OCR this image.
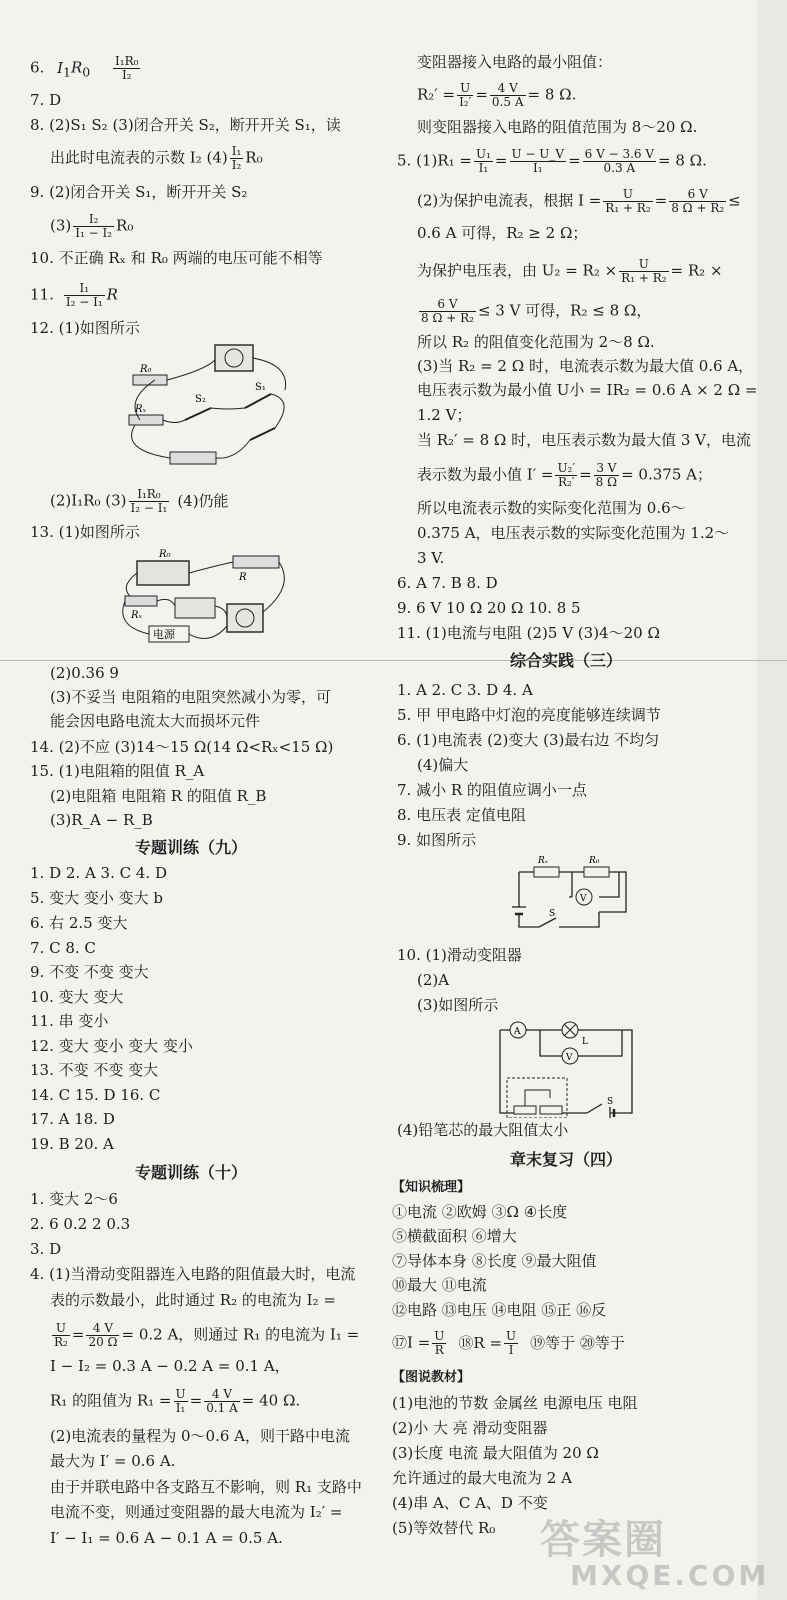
6. $I_1R_0 \frac{\text{I₁R₀}}{\text{I₂}}$
7. D
8. (2)S₁ S₂ (3)闭合开关 S₂，断开开关 S₁，读
出此时电流表的示数 I₂ $(4) \frac{\text{I₁}}{\text{I₂}} R_0$
9. (2)闭合开关 S₁，断开开关 S₂
$(3) \frac{\text{I₂}}{\text{I₁ − I₂}} R_0$
10. 不正确 Rₓ 和 R₀ 两端的电压可能不相等
11. $\frac{\text{I₁}}{\text{I₂ − I₁}}$ R
12. (1)如图所示
R₀
Rₓ
S₂
S₁
(2)I₁R₀ $(3) \frac{\text{I₁R₀}}{\text{I₂ − I₁}} (4)$仍能
13. (1)如图所示
R₀
R
Rₓ
电源
(2)0.36 9
(3)不妥当 电阻箱的电阻突然减小为零，可
能会因电路电流太大而损坏元件
14. (2)不应 (3)14～15 Ω(14 Ω<Rₓ<15 Ω)
15. (1)电阻箱的阻值 R_A
(2)电阻箱 电阻箱 R 的阻值 R_B
(3)R_A − R_B
专题训练（九）
1. D 2. A 3. C 4. D
5. 变大 变小 变大 b
6. 右 2.5 变大
7. C 8. C
9. 不变 不变 变大
10. 变大 变大
11. 串 变小
12. 变大 变小 变大 变小
13. 不变 不变 变大
14. C 15. D 16. C
17. A 18. D
19. B 20. A
专题训练（十）
1. 变大 2～6
2. 6 0.2 2 0.3
3. D
4. (1)当滑动变阻器连入电路的阻值最大时，电流
表的示数最小，此时通过 R₂ 的电流为 I₂ =
$\frac{U}{\text{R₂}} = \frac{4 V}{20 \Omega} = 0.2$ A，则通过 R₁ 的电流为 I₁ =
I − I₂ = 0.3 A − 0.2 A = 0.1 A，
R₁ 的阻值为 $R_1 = \frac{U}{\text{I₁}} = \frac{4 V}{0.1 A} = 40$ Ω.
(2)电流表的量程为 0～0.6 A，则干路中电流
最大为 I′ = 0.6 A.
由于并联电路中各支路互不影响，则 R₁ 支路中
电流不变，则通过变阻器的最大电流为 I₂′ =
I′ − I₁ = 0.6 A − 0.1 A = 0.5 A.
变阻器接入电路的最小阻值：
$R_2' = \frac{U}{\text{I₂′}} = \frac{4 V}{0.5 A} = 8$ Ω.
则变阻器接入电路的阻值范围为 8～20 Ω.
5. $(1)R_1 = \frac{\text{U₁}}{\text{I₁}} = \frac{U - U\_V}{\text{I₁}} = \frac{6 V - 3.6 V}{0.3 A} = 8$ Ω.
(2)为保护电流表，根据 $I = \frac{U}{\text{R₁ + R₂}} = \frac{6 V}{\text{8 Ω + R₂}}$ ≤
0.6 A 可得，R₂ ≥ 2 Ω；
为保护电压表，由 $U_2 = R_2 \times \frac{U}{\text{R₁ + R₂}} = R_2$ ×
$\frac{6 V}{\text{8 Ω + R₂}} \le 3$ V 可得，R₂ ≤ 8 Ω，
所以 R₂ 的阻值变化范围为 2～8 Ω.
(3)当 R₂ = 2 Ω 时，电流表示数为最大值 0.6 A，
电压表示数为最小值 U小 = IR₂ = 0.6 A × 2 Ω =
1.2 V；
当 R₂′ = 8 Ω 时，电压表示数为最大值 3 V，电流
表示数为最小值 $I' = \frac{\text{U₂′}}{\text{R₂′}} = \frac{3 V}{8 \Omega} = 0.375$ A；
所以电流表示数的实际变化范围为 0.6～
0.375 A，电压表示数的实际变化范围为 1.2～
3 V.
6. A 7. B 8. D
9. 6 V 10 Ω 20 Ω 10. 8 5
11. (1)电流与电阻 (2)5 V (3)4～20 Ω
综合实践（三）
1. A 2. C 3. D 4. A
5. 甲 甲电路中灯泡的亮度能够连续调节
6. (1)电流表 (2)变大 (3)最右边 不均匀
(4)偏大
7. 减小 R 的阻值应调小一点
8. 电压表 定值电阻
9. 如图所示
Rₓ	R₀
V
S
10. (1)滑动变阻器
(2)A
(3)如图所示
A
L
V
S
(4)铅笔芯的最大阻值太小
章末复习（四）
【知识梳理】
①电流 ②欧姆 ③Ω ④长度
⑤横截面积 ⑥增大
⑦导体本身 ⑧长度 ⑨最大阻值
⑩最大 ⑪电流
⑫电路 ⑬电压 ⑭电阻 ⑮正 ⑯反
⑰I = $\frac{U}{R}$ ⑱R = $\frac{U}{I}$ ⑲等于 ⑳等于
【图说教材】
(1)电池的节数 金属丝 电源电压 电阻
(2)小 大 亮 滑动变阻器
(3)长度 电流 最大阻值为 20 Ω
允许通过的最大电流为 2 A
(4)串 A、C A、D 不变
(5)等效替代 R₀ 答案圈
MXQE.COM
